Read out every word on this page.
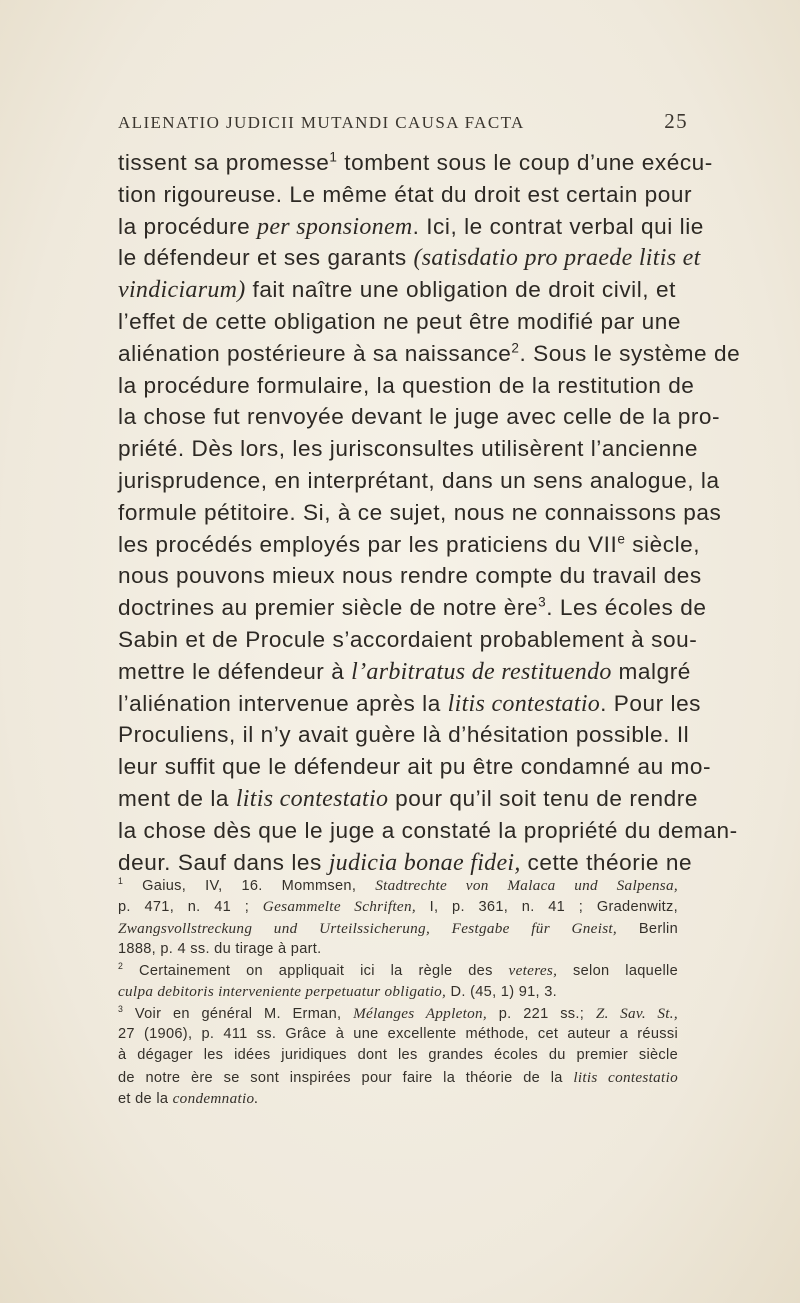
ALIENATIO JUDICII MUTANDI CAUSA FACTA	25
tissent sa promesse$^1$ tombent sous le coup d’une exécu-
tion rigoureuse. Le même état du droit est certain pour
la procédure per sponsionem. Ici, le contrat verbal qui lie
le défendeur et ses garants (satisdatio pro praede litis et
vindiciarum) fait naître une obligation de droit civil, et
l’effet de cette obligation ne peut être modifié par une
aliénation postérieure à sa naissance$^2$. Sous le système de
la procédure formulaire, la question de la restitution de
la chose fut renvoyée devant le juge avec celle de la pro-
priété. Dès lors, les jurisconsultes utilisèrent l’ancienne
jurisprudence, en interprétant, dans un sens analogue, la
formule pétitoire. Si, à ce sujet, nous ne connaissons pas
les procédés employés par les praticiens du VIIe siècle,
nous pouvons mieux nous rendre compte du travail des
doctrines au premier siècle de notre ère$^3$. Les écoles de
Sabin et de Procule s’accordaient probablement à sou-
mettre le défendeur à l’arbitratus de restituendo malgré
l’aliénation intervenue après la litis contestatio. Pour les
Proculiens, il n’y avait guère là d’hésitation possible. Il
leur suffit que le défendeur ait pu être condamné au mo-
ment de la litis contestatio pour qu’il soit tenu de rendre
la chose dès que le juge a constaté la propriété du deman-
deur. Sauf dans les judicia bonae fidei, cette théorie ne
$^1$ Gaius, IV, 16. Mommsen, Stadtrechte von Malaca und Salpensa,
p. 471, n. 41 ; Gesammelte Schriften, I, p. 361, n. 41 ; Gradenwitz,
Zwangsvollstreckung und Urteilssicherung, Festgabe für Gneist, Berlin
1888, p. 4 ss. du tirage à part.
$^2$ Certainement on appliquait ici la règle des veteres, selon laquelle
culpa debitoris interveniente perpetuatur obligatio, D. (45, 1) 91, 3.
$^3$ Voir en général M. Erman, Mélanges Appleton, p. 221 ss.; Z. Sav. St.,
27 (1906), p. 411 ss. Grâce à une excellente méthode, cet auteur a réussi
à dégager les idées juridiques dont les grandes écoles du premier siècle
de notre ère se sont inspirées pour faire la théorie de la litis contestatio
et de la condemnatio.
